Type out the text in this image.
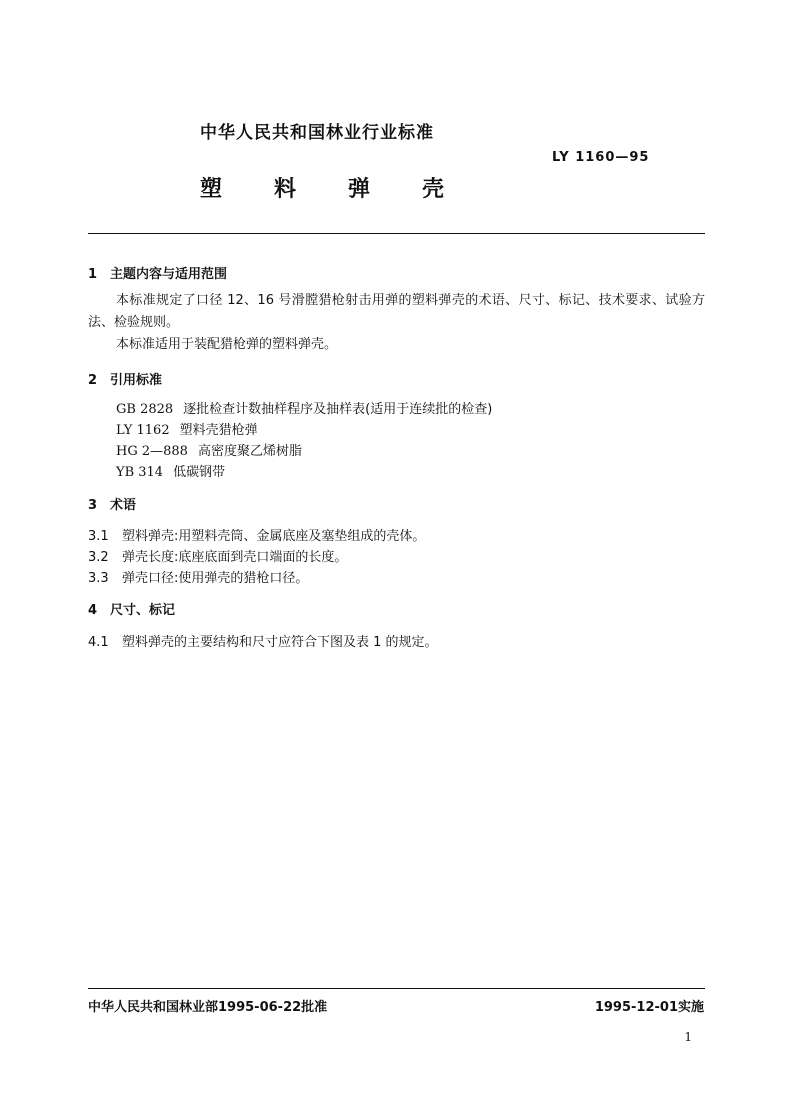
中华人民共和国林业行业标准
LY 1160—95
塑 料 弹 壳
1 主题内容与适用范围
本标准规定了口径 12、16 号滑膛猎枪射击用弹的塑料弹壳的术语、尺寸、标记、技术要求、试验方法、检验规则。
本标准适用于装配猎枪弹的塑料弹壳。
2 引用标准
GB 2828 逐批检查计数抽样程序及抽样表(适用于连续批的检查)
LY 1162 塑料壳猎枪弹
HG 2—888 高密度聚乙烯树脂
YB 314 低碳钢带
3 术语
3.1 塑料弹壳:用塑料壳筒、金属底座及塞垫组成的壳体。
3.2 弹壳长度:底座底面到壳口端面的长度。
3.3 弹壳口径:使用弹壳的猎枪口径。
4 尺寸、标记
4.1 塑料弹壳的主要结构和尺寸应符合下图及表 1 的规定。
中华人民共和国林业部1995-06-22批准	1995-12-01实施
1
